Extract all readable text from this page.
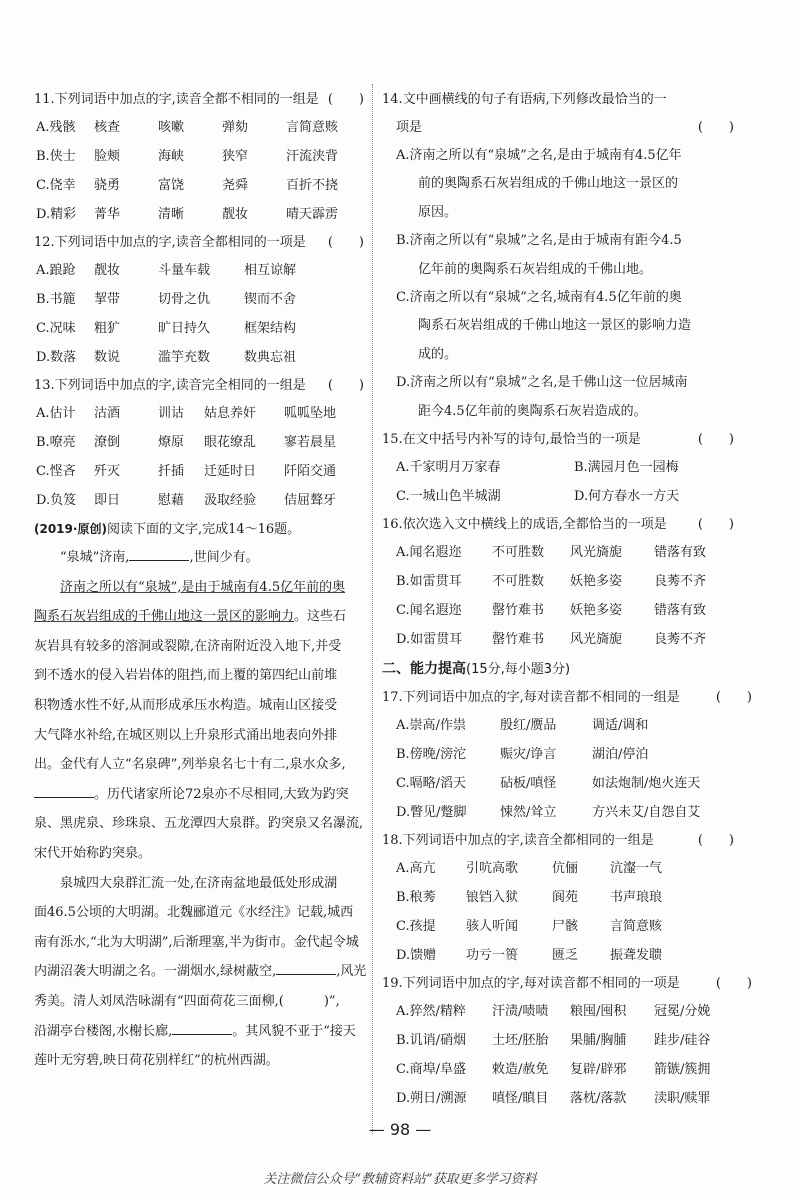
11.下列词语中加点的字,读音全都不相同的一组是 (　　)
A.残骸	核查	咳嗽	弹劾	言简意赅
B.侠士	脸颊	海峡	狭窄	汗流浃背
C.侥幸	骁勇	富饶	尧舜	百折不挠
D.精彩	菁华	清晰	靓妆	晴天霹雳
12.下列词语中加点的字,读音全都相同的一项是	(　　)
A.踉跄	靓妆	斗量车载	相互谅解
B.书簏	挈带	切骨之仇	锲而不舍
C.况味	粗犷	旷日持久	框架结构
D.数落	数说	滥竽充数	数典忘祖
13.下列词语中加点的字,读音完全相同的一组是	(　　)
A.估计	沽酒	训诂	姑息养奸	呱呱坠地
B.嘹亮	潦倒	燎原	眼花缭乱	寥若晨星
C.悭吝	歼灭	扦插	迁延时日	阡陌交通
D.负笈	即日	慰藉	汲取经验	佶屈聱牙
(2019·原创)阅读下面的文字,完成14～16题。
“泉城”济南,	,世间少有。
济南之所以有“泉城”,是由于城南有4.5亿年前的奥
陶系石灰岩组成的千佛山地这一景区的影响力。这些石
灰岩具有较多的溶洞或裂隙,在济南附近没入地下,并受
到不透水的侵入岩岩体的阻挡,而上覆的第四纪山前堆
积物透水性不好,从而形成承压水构造。城南山区接受
大气降水补给,在城区则以上升泉形式涌出地表向外排
出。金代有人立“名泉碑”,列举泉名七十有二,泉水众多,
。历代诸家所论72泉亦不尽相同,大致为趵突
泉、黑虎泉、珍珠泉、五龙潭四大泉群。趵突泉又名瀑流,
宋代开始称趵突泉。
泉城四大泉群汇流一处,在济南盆地最低处形成湖
面46.5公顷的大明湖。北魏郦道元《水经注》记载,城西
南有泺水,“北为大明湖”,后渐理塞,半为街市。金代起令城
内湖沼袭大明湖之名。一湖烟水,绿树蔽空,	,风光
秀美。清人刘凤浩咏湖有“四面荷花三面柳,(	)”,
沿湖亭台楼阁,水榭长廊,	。其风貌不亚于“接天
莲叶无穷碧,映日荷花别样红”的杭州西湖。
14.文中画横线的句子有语病,下列修改最恰当的一
项是	(　　)
A.济南之所以有“泉城”之名,是由于城南有4.5亿年
前的奥陶系石灰岩组成的千佛山地这一景区的
原因。
B.济南之所以有“泉城”之名,是由于城南有距今4.5
亿年前的奥陶系石灰岩组成的千佛山地。
C.济南之所以有“泉城”之名,城南有4.5亿年前的奥
陶系石灰岩组成的千佛山地这一景区的影响力造
成的。
D.济南之所以有“泉城”之名,是千佛山这一位居城南
距今4.5亿年前的奥陶系石灰岩造成的。
15.在文中括号内补写的诗句,最恰当的一项是	(　　)
A.千家明月万家春	B.满园月色一园梅
C.一城山色半城湖	D.何方春水一方天
16.依次选入文中横线上的成语,全都恰当的一项是	(　　)
A.闻名遐迩	不可胜数	风光旖旎	错落有致
B.如雷贯耳	不可胜数	妖艳多姿	良莠不齐
C.闻名遐迩	罄竹难书	妖艳多姿	错落有致
D.如雷贯耳	罄竹难书	风光旖旎	良莠不齐
二、能力提高(15分,每小题3分)
17.下列词语中加点的字,每对读音都不相同的一组是	(　　)
A.崇高/作祟	殷红/赝品	调适/调和
B.傍晚/滂沱	赈灾/诤言	湖泊/停泊
C.嗝略/滔天	砧板/嗔怪	如法炮制/炮火连天
D.瞥见/蹩脚	悚然/耸立	方兴未艾/自怨自艾
18.下列词语中加点的字,读音全都相同的一组是	(　　)
A.高亢	引吭高歌	伉俪	沆瀣一气
B.稂莠	锒铛入狱	阆苑	书声琅琅
C.孩提	骇人听闻	尸骸	言简意赅
D.馈赠	功亏一篑	匮乏	振聋发聩
19.下列词语中加点的字,每对读音都不相同的一项是	(　　)
A.猝然/精粹	汗渍/啧啧	粮囤/囤积	冠冕/分娩
B.讥诮/硝烟	土坯/胚胎	果脯/胸脯	跬步/硅谷
C.商埠/阜盛	敕造/赦免	复辟/辟邪	箭镞/簇拥
D.朔日/溯源	嗔怪/瞋目	落枕/落款	渎职/赎罪
— 98 —
关注微信公众号“教辅资料站”获取更多学习资料
